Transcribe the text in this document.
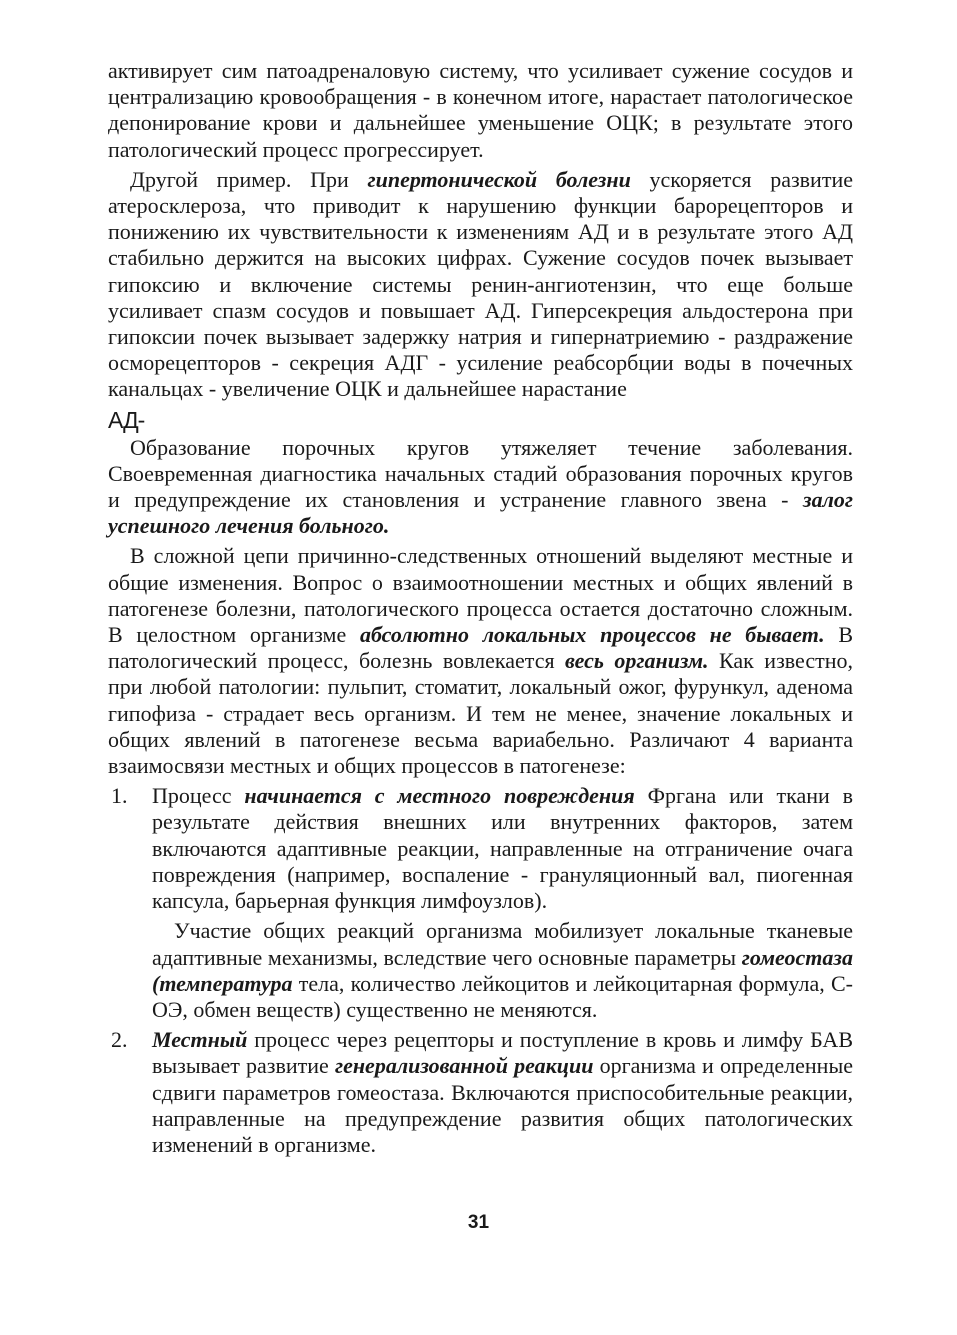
активирует сим патоадреналовую систему, что усиливает сужение сосудов и централизацию кровообращения - в конечном итоге, нарастает патологическое депонирование крови и дальнейшее уменьшение ОЦК; в результате этого патологический процесс прогрессирует.

Другой пример. При гипертонической болезни ускоряется развитие атеросклероза, что приводит к нарушению функции барорецепторов и понижению их чувствительности к изменениям АД и в результате этого АД стабильно держится на высоких цифрах. Сужение сосудов почек вызывает гипоксию и включение системы ренин-ангиотензин, что еще больше усиливает спазм сосудов и повышает АД. Гиперсекреция альдостерона при гипоксии почек вызывает задержку натрия и гипернатриемию - раздражение осморецепторов - секреция АДГ - усиление реабсорбции воды в почечных канальцах - увеличение ОЦК и дальнейшее нарастание

АД-

Образование порочных кругов утяжеляет течение заболевания. Своевременная диагностика начальных стадий образования порочных кругов и предупреждение их становления и устранение главного звена - залог успешного лечения больного.

В сложной цепи причинно-следственных отношений выделяют местные и общие изменения. Вопрос о взаимоотношении местных и общих явлений в патогенезе болезни, патологического процесса остается достаточно сложным. В целостном организме абсолютно локальных процессов не бывает. В патологический процесс, болезнь вовлекается весь организм. Как известно, при любой патологии: пульпит, стоматит, локальный ожог, фурункул, аденома гипофиза - страдает весь организм. И тем не менее, значение локальных и общих явлений в патогенезе весьма вариабельно. Различают 4 варианта взаимосвязи местных и общих процессов в патогенезе:

1.	Процесс начинается с местного повреждения Фргана или ткани в результате действия внешних или внутренних факторов, затем включаются адаптивные реакции, направленные на отграничение очага повреждения (например, воспаление - грануляционный вал, пиогенная капсула, барьерная функция лимфоузлов).

Участие общих реакций организма мобилизует локальные тканевые адаптивные механизмы, вследствие чего основные параметры гомеостаза (температура тела, количество лейкоцитов и лейкоцитарная формула, С-ОЭ, обмен веществ) существенно не меняются.

2.	Местный процесс через рецепторы и поступление в кровь и лимфу БАВ вызывает развитие генерализованной реакции организма и определенные сдвиги параметров гомеостаза. Включаются приспособительные реакции, направленные на предупреждение развития общих патологических изменений в организме.
31
